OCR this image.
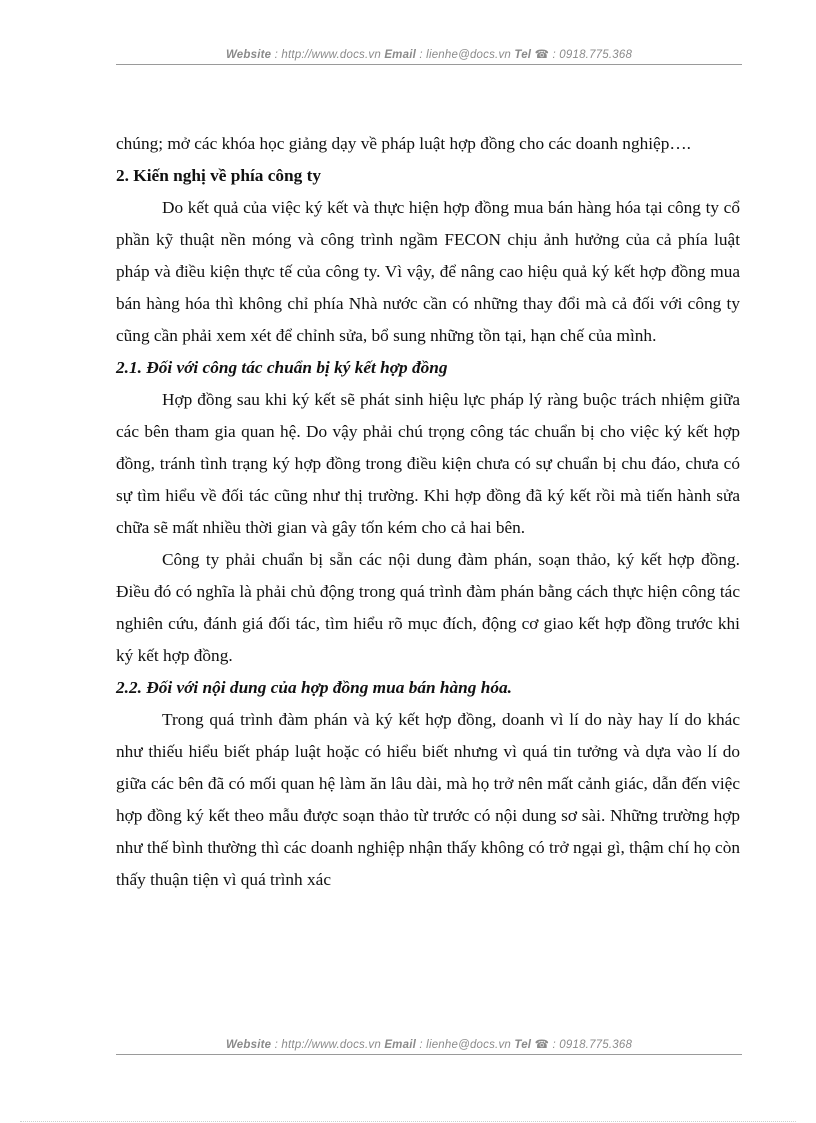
Website : http://www.docs.vn Email : lienhe@docs.vn Tel ☎ : 0918.775.368

chúng; mở các khóa học giảng dạy về pháp luật hợp đồng cho các doanh nghiệp….

2. Kiến nghị về phía công ty

Do kết quả của việc ký kết và thực hiện hợp đồng mua bán hàng hóa tại công ty cổ phần kỹ thuật nền móng và công trình ngầm FECON chịu ảnh hưởng của cả phía luật pháp và điều kiện thực tế của công ty. Vì vậy, để nâng cao hiệu quả ký kết hợp đồng mua bán hàng hóa thì không chỉ phía Nhà nước cần có những thay đổi mà cả đối với công ty cũng cần phải xem xét để chỉnh sửa, bổ sung những tồn tại, hạn chế của mình.

2.1. Đối với công tác chuẩn bị ký kết hợp đồng

Hợp đồng sau khi ký kết sẽ phát sinh hiệu lực pháp lý ràng buộc trách nhiệm giữa các bên tham gia quan hệ. Do vậy phải chú trọng công tác chuẩn bị cho việc ký kết hợp đồng, tránh tình trạng ký hợp đồng trong điều kiện chưa có sự chuẩn bị chu đáo, chưa có sự tìm hiểu về đối tác cũng như thị trường. Khi hợp đồng đã ký kết rồi mà tiến hành sửa chữa sẽ mất nhiều thời gian và gây tốn kém cho cả hai bên.

Công ty phải chuẩn bị sẵn các nội dung đàm phán, soạn thảo, ký kết hợp đồng. Điều đó có nghĩa là phải chủ động trong quá trình đàm phán bằng cách thực hiện công tác nghiên cứu, đánh giá đối tác, tìm hiểu rõ mục đích, động cơ giao kết hợp đồng trước khi ký kết hợp đồng.

2.2. Đối với nội dung của hợp đồng mua bán hàng hóa.

Trong quá trình đàm phán và ký kết hợp đồng, doanh vì lí do này hay lí do khác như thiếu hiểu biết pháp luật hoặc có hiểu biết nhưng vì quá tin tưởng và dựa vào lí do giữa các bên đã có mối quan hệ làm ăn lâu dài, mà họ trở nên mất cảnh giác, dẫn đến việc hợp đồng ký kết theo mẫu được soạn thảo từ trước có nội dung sơ sài. Những trường hợp như thế bình thường thì các doanh nghiệp nhận thấy không có trở ngại gì, thậm chí họ còn thấy thuận tiện vì quá trình xác

Website : http://www.docs.vn Email : lienhe@docs.vn Tel ☎ : 0918.775.368
